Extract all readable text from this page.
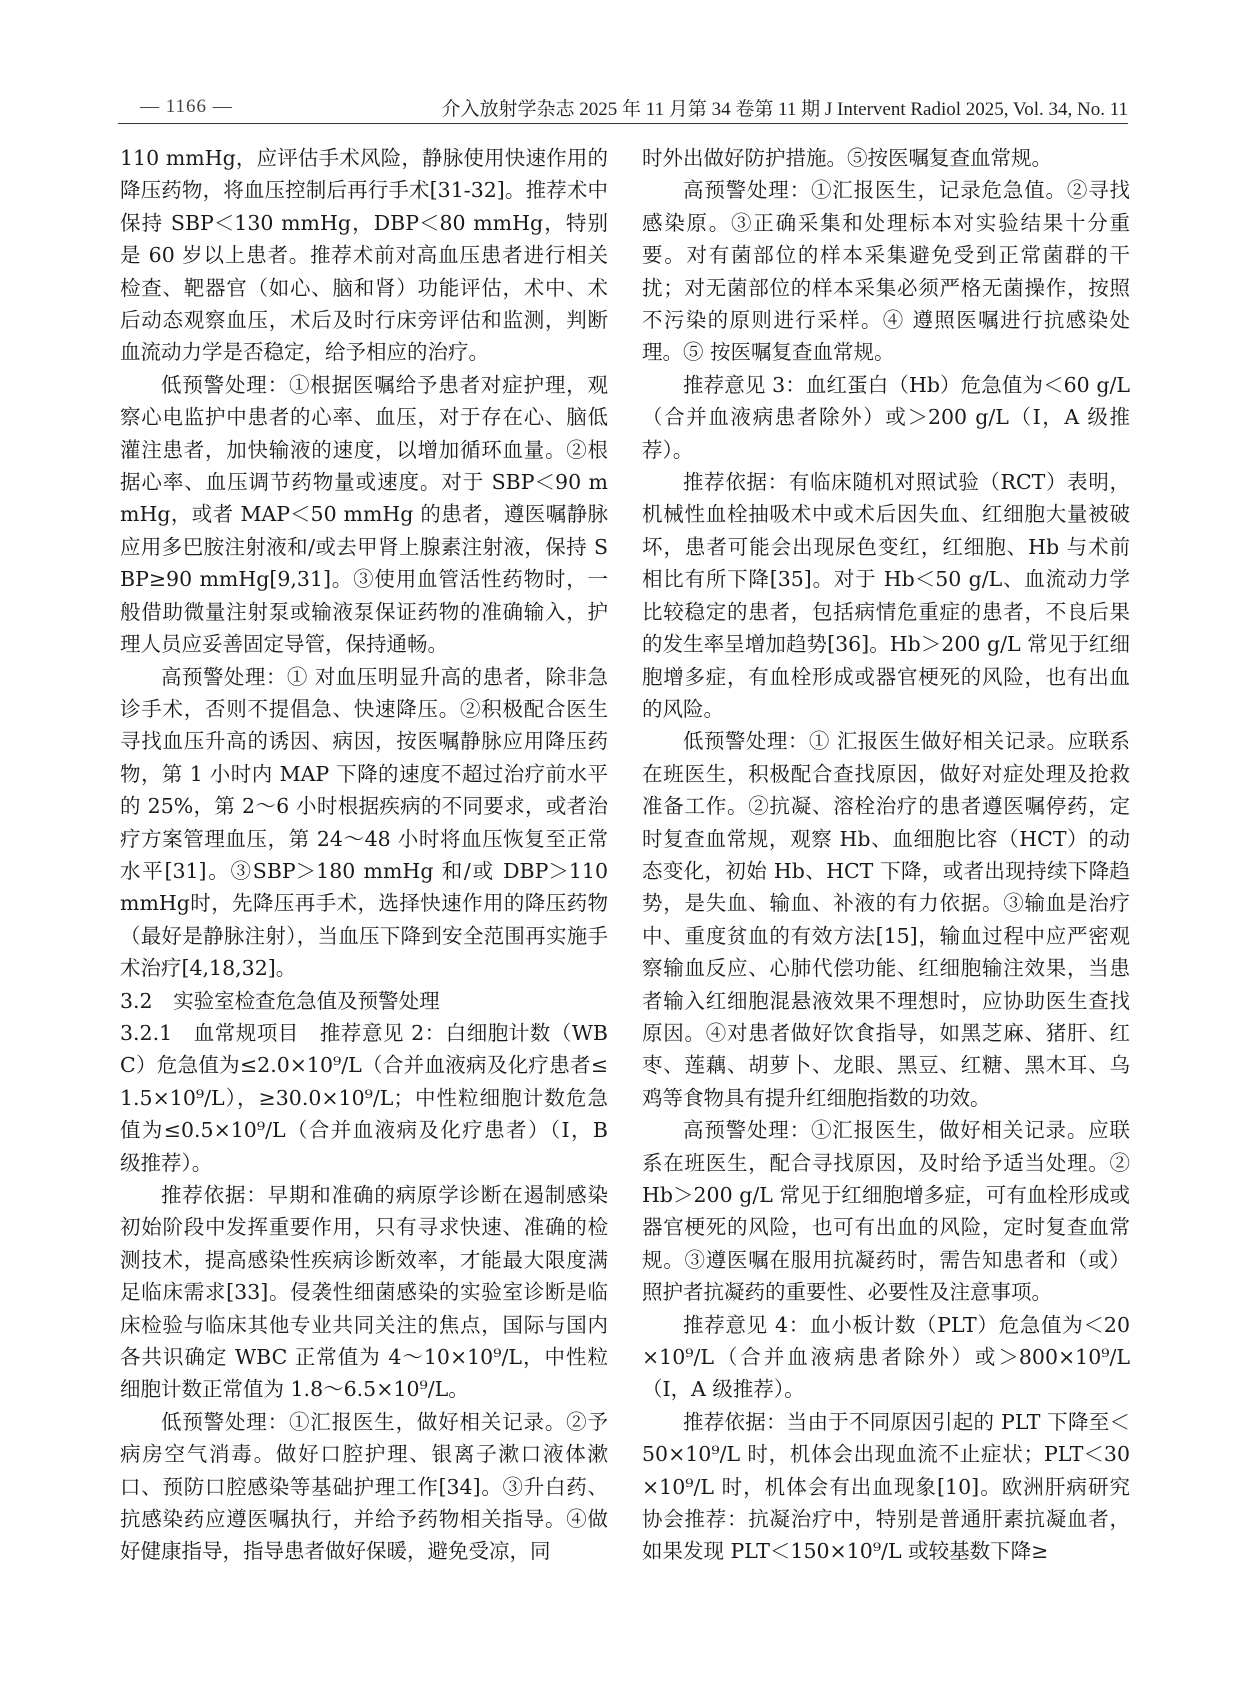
— 1166 —	介入放射学杂志 2025 年 11 月第 34 卷第 11 期 J Intervent Radiol 2025, Vol. 34, No. 11

110 mmHg，应评估手术风险，静脉使用快速作用的降压药物，将血压控制后再行手术[31-32]。推荐术中保持 SBP＜130 mmHg，DBP＜80 mmHg，特别是 60 岁以上患者。推荐术前对高血压患者进行相关检查、靶器官（如心、脑和肾）功能评估，术中、术后动态观察血压，术后及时行床旁评估和监测，判断血流动力学是否稳定，给予相应的治疗。

低预警处理：①根据医嘱给予患者对症护理，观察心电监护中患者的心率、血压，对于存在心、脑低灌注患者，加快输液的速度，以增加循环血量。②根据心率、血压调节药物量或速度。对于 SBP＜90 mmHg，或者 MAP＜50 mmHg 的患者，遵医嘱静脉应用多巴胺注射液和/或去甲肾上腺素注射液，保持 SBP≥90 mmHg[9,31]。③使用血管活性药物时，一般借助微量注射泵或输液泵保证药物的准确输入，护理人员应妥善固定导管，保持通畅。

高预警处理：① 对血压明显升高的患者，除非急诊手术，否则不提倡急、快速降压。②积极配合医生寻找血压升高的诱因、病因，按医嘱静脉应用降压药物，第 1 小时内 MAP 下降的速度不超过治疗前水平的 25%，第 2～6 小时根据疾病的不同要求，或者治疗方案管理血压，第 24～48 小时将血压恢复至正常水平[31]。③SBP＞180 mmHg 和/或 DBP＞110 mmHg时，先降压再手术，选择快速作用的降压药物（最好是静脉注射），当血压下降到安全范围再实施手术治疗[4,18,32]。

3.2　实验室检查危急值及预警处理

3.2.1　血常规项目　推荐意见 2：白细胞计数（WBC）危急值为≤2.0×10⁹/L（合并血液病及化疗患者≤1.5×10⁹/L），≥30.0×10⁹/L；中性粒细胞计数危急值为≤0.5×10⁹/L（合并血液病及化疗患者）（I，B 级推荐）。

推荐依据：早期和准确的病原学诊断在遏制感染初始阶段中发挥重要作用，只有寻求快速、准确的检测技术，提高感染性疾病诊断效率，才能最大限度满足临床需求[33]。侵袭性细菌感染的实验室诊断是临床检验与临床其他专业共同关注的焦点，国际与国内各共识确定 WBC 正常值为 4～10×10⁹/L，中性粒细胞计数正常值为 1.8～6.5×10⁹/L。

低预警处理：①汇报医生，做好相关记录。②予病房空气消毒。做好口腔护理、银离子漱口液体漱口、预防口腔感染等基础护理工作[34]。③升白药、抗感染药应遵医嘱执行，并给予药物相关指导。④做好健康指导，指导患者做好保暖，避免受凉，同

时外出做好防护措施。⑤按医嘱复查血常规。

高预警处理：①汇报医生，记录危急值。②寻找感染原。③正确采集和处理标本对实验结果十分重要。对有菌部位的样本采集避免受到正常菌群的干扰；对无菌部位的样本采集必须严格无菌操作，按照不污染的原则进行采样。④ 遵照医嘱进行抗感染处理。⑤ 按医嘱复查血常规。

推荐意见 3：血红蛋白（Hb）危急值为＜60 g/L（合并血液病患者除外）或＞200 g/L（Ⅰ，A 级推荐）。

推荐依据：有临床随机对照试验（RCT）表明，机械性血栓抽吸术中或术后因失血、红细胞大量被破坏，患者可能会出现尿色变红，红细胞、Hb 与术前相比有所下降[35]。对于 Hb＜50 g/L、血流动力学比较稳定的患者，包括病情危重症的患者，不良后果的发生率呈增加趋势[36]。Hb＞200 g/L 常见于红细胞增多症，有血栓形成或器官梗死的风险，也有出血的风险。

低预警处理：① 汇报医生做好相关记录。应联系在班医生，积极配合查找原因，做好对症处理及抢救准备工作。②抗凝、溶栓治疗的患者遵医嘱停药，定时复查血常规，观察 Hb、血细胞比容（HCT）的动态变化，初始 Hb、HCT 下降，或者出现持续下降趋势，是失血、输血、补液的有力依据。③输血是治疗中、重度贫血的有效方法[15]，输血过程中应严密观察输血反应、心肺代偿功能、红细胞输注效果，当患者输入红细胞混悬液效果不理想时，应协助医生查找原因。④对患者做好饮食指导，如黑芝麻、猪肝、红枣、莲藕、胡萝卜、龙眼、黑豆、红糖、黑木耳、乌鸡等食物具有提升红细胞指数的功效。

高预警处理：①汇报医生，做好相关记录。应联系在班医生，配合寻找原因，及时给予适当处理。②Hb＞200 g/L 常见于红细胞增多症，可有血栓形成或器官梗死的风险，也可有出血的风险，定时复查血常规。③遵医嘱在服用抗凝药时，需告知患者和（或）照护者抗凝药的重要性、必要性及注意事项。

推荐意见 4：血小板计数（PLT）危急值为＜20×10⁹/L（合并血液病患者除外）或＞800×10⁹/L（Ⅰ，A 级推荐）。

推荐依据：当由于不同原因引起的 PLT 下降至＜50×10⁹/L 时，机体会出现血流不止症状；PLT＜30×10⁹/L 时，机体会有出血现象[10]。欧洲肝病研究协会推荐：抗凝治疗中，特别是普通肝素抗凝血者，如果发现 PLT＜150×10⁹/L 或较基数下降≥
